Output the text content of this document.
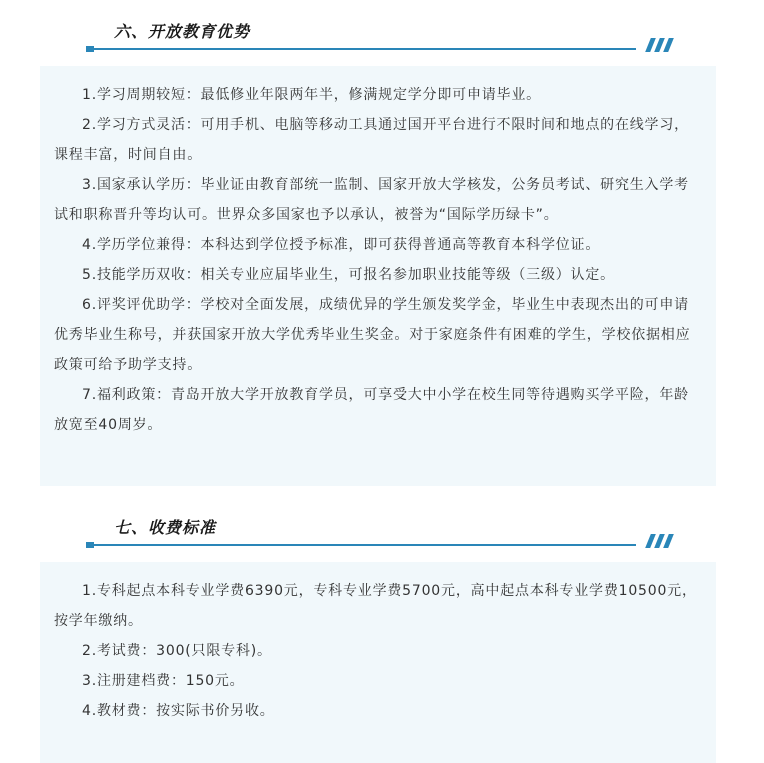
六、开放教育优势

1.学习周期较短：最低修业年限两年半，修满规定学分即可申请毕业。

2.学习方式灵活：可用手机、电脑等移动工具通过国开平台进行不限时间和地点的在线学习，课程丰富，时间自由。

3.国家承认学历：毕业证由教育部统一监制、国家开放大学核发，公务员考试、研究生入学考试和职称晋升等均认可。世界众多国家也予以承认，被誉为“国际学历绿卡”。

4.学历学位兼得：本科达到学位授予标准，即可获得普通高等教育本科学位证。

5.技能学历双收：相关专业应届毕业生，可报名参加职业技能等级（三级）认定。

6.评奖评优助学：学校对全面发展，成绩优异的学生颁发奖学金，毕业生中表现杰出的可申请优秀毕业生称号，并获国家开放大学优秀毕业生奖金。对于家庭条件有困难的学生，学校依据相应政策可给予助学支持。

7.福利政策：青岛开放大学开放教育学员，可享受大中小学在校生同等待遇购买学平险，年龄放宽至40周岁。

七、收费标准

1.专科起点本科专业学费6390元，专科专业学费5700元，高中起点本科专业学费10500元，按学年缴纳。

2.考试费：300(只限专科)。

3.注册建档费：150元。

4.教材费：按实际书价另收。
